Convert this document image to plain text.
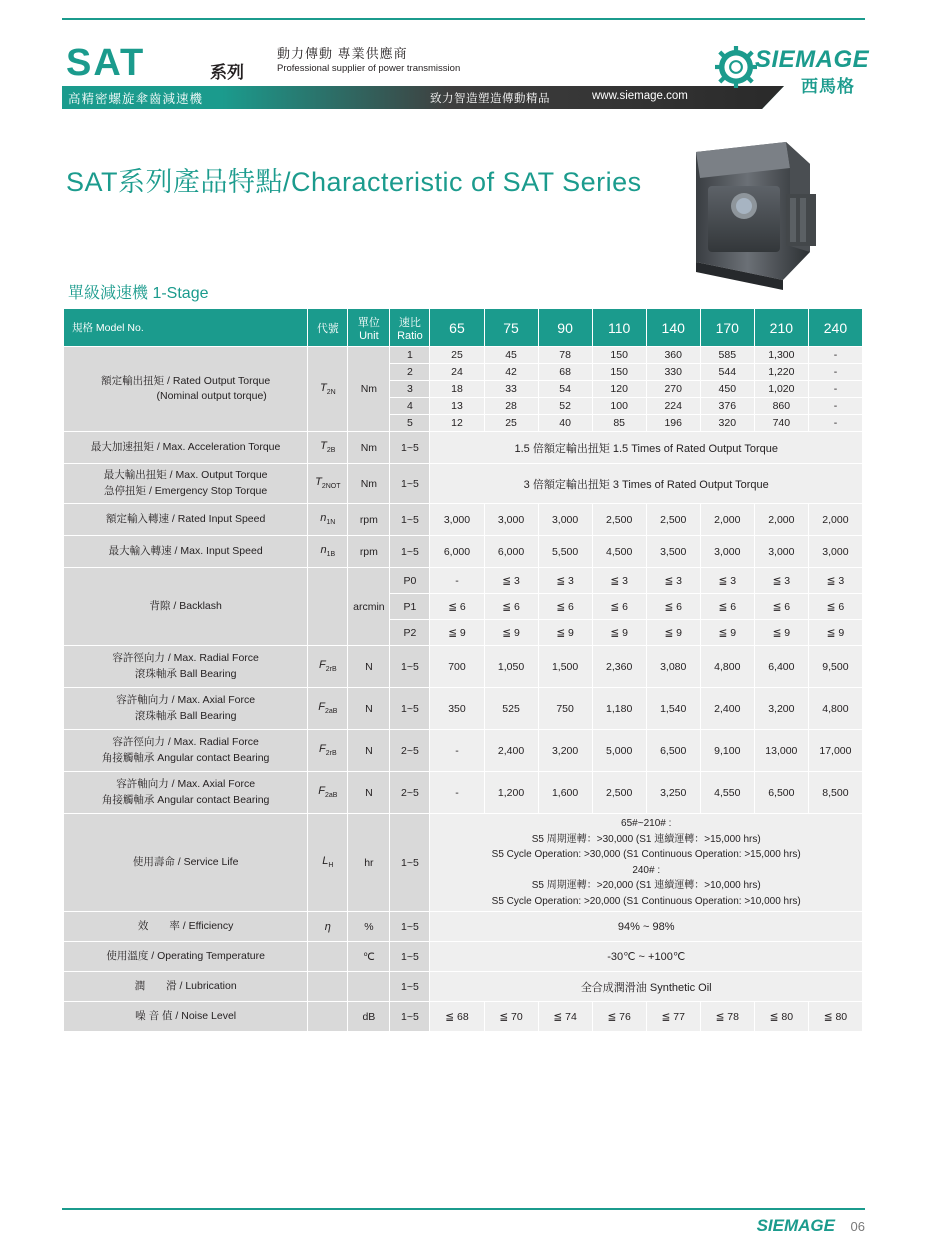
SAT	系列
動力傳動 專業供應商
Professional supplier of power transmission
高精密螺旋傘齒減速機	致力智造塑造傳動精品	www.siemage.com
SIEMAGE
西馬格
SAT系列產品特點/Characteristic of SAT Series
單級減速機 1-Stage
規格 Model No.	代號	單位
Unit

速比
Ratio	65	75	90	110	140	170	210	240

額定輸出扭矩 / Rated Output Torque
(Nominal output torque)	$T_{2N}$	Nm	1	25	45	78	150	360	585	1,300	-
			2	24	42	68	150	330	544	1,220	-
			3	18	33	54	120	270	450	1,020	-
			4	13	28	52	100	224	376	860	-
			5	12	25	40	85	196	320	740	-
最大加速扭矩 / Max. Acceleration Torque	$T_{2B}$	Nm	1~5	1.5 倍額定輸出扭矩 1.5 Times of Rated Output Torque							

最大輸出扭矩 / Max. Output Torque
急停扭矩 / Emergency Stop Torque	$T_{2NOT}$	Nm	1~5	3 倍額定輸出扭矩 3 Times of Rated Output Torque							
額定輸入轉速 / Rated Input Speed	$n_{1N}$	rpm	1~5	3,000	3,000	3,000	2,500	2,500	2,000	2,000	2,000
最大輸入轉速 / Max. Input Speed	$n_{1B}$	rpm	1~5	6,000	6,000	5,500	4,500	3,500	3,000	3,000	3,000
背隙 / Backlash		arcmin	P0	-	≦ 3	≦ 3	≦ 3	≦ 3	≦ 3	≦ 3	≦ 3
			P1	≦ 6	≦ 6	≦ 6	≦ 6	≦ 6	≦ 6	≦ 6	≦ 6
			P2	≦ 9	≦ 9	≦ 9	≦ 9	≦ 9	≦ 9	≦ 9	≦ 9

容許徑向力 / Max. Radial Force
滾珠軸承 Ball Bearing	$F_{2rB}$	N	1~5	700	1,050	1,500	2,360	3,080	4,800	6,400	9,500

容許軸向力 / Max. Axial Force
滾珠軸承 Ball Bearing	$F_{2aB}$	N	1~5	350	525	750	1,180	1,540	2,400	3,200	4,800

容許徑向力 / Max. Radial Force
角接觸軸承 Angular contact Bearing	$F_{2rB}$	N	2~5	-	2,400	3,200	5,000	6,500	9,100	13,000	17,000

容許軸向力 / Max. Axial Force
角接觸軸承 Angular contact Bearing	$F_{2aB}$	N	2~5	-	1,200	1,600	2,500	3,250	4,550	6,500	8,500
使用壽命 / Service Life	$L_H$	hr	1~5	
65#~210# :
S5 周期運轉：>30,000 (S1 連續運轉：>15,000 hrs)
S5 Cycle Operation: >30,000 (S1 Continuous Operation: >15,000 hrs)
240# :
S5 周期運轉：>20,000 (S1 連續運轉：>10,000 hrs)
S5 Cycle Operation: >20,000 (S1 Continuous Operation: >10,000 hrs)

效　　率 / Efficiency	η	%	1~5	94% ~ 98%							
使用溫度 / Operating Temperature		℃	1~5	-30℃ ~ +100℃							
潤　　滑 / Lubrication			1~5	全合成潤滑油 Synthetic Oil							
噪 音 值 / Noise Level		dB	1~5	≦ 68	≦ 70	≦ 74	≦ 76	≦ 77	≦ 78	≦ 80	≦ 80
SIEMAGE 06
